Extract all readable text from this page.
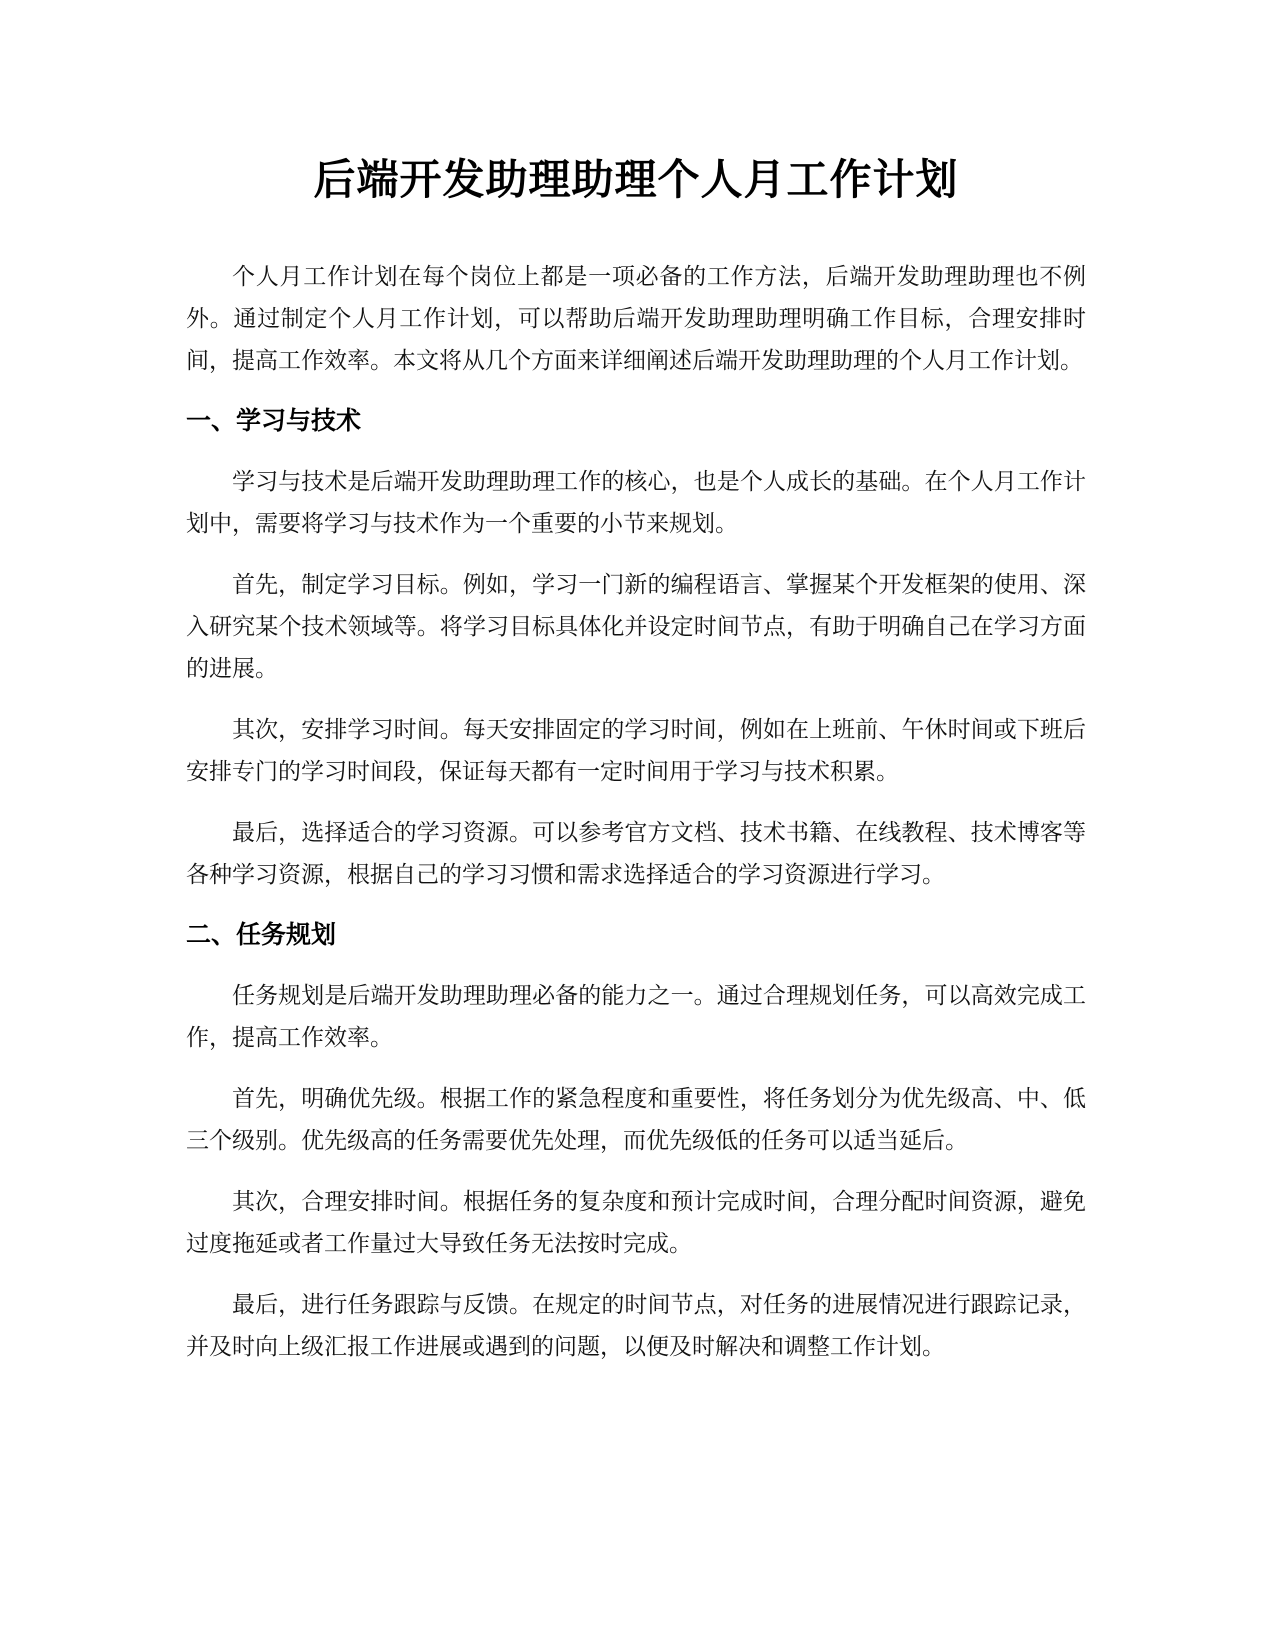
后端开发助理助理个人月工作计划

个人月工作计划在每个岗位上都是一项必备的工作方法，后端开发助理助理也不例外。通过制定个人月工作计划，可以帮助后端开发助理助理明确工作目标，合理安排时间，提高工作效率。本文将从几个方面来详细阐述后端开发助理助理的个人月工作计划。

一、学习与技术

学习与技术是后端开发助理助理工作的核心，也是个人成长的基础。在个人月工作计划中，需要将学习与技术作为一个重要的小节来规划。

首先，制定学习目标。例如，学习一门新的编程语言、掌握某个开发框架的使用、深入研究某个技术领域等。将学习目标具体化并设定时间节点，有助于明确自己在学习方面的进展。

其次，安排学习时间。每天安排固定的学习时间，例如在上班前、午休时间或下班后安排专门的学习时间段，保证每天都有一定时间用于学习与技术积累。

最后，选择适合的学习资源。可以参考官方文档、技术书籍、在线教程、技术博客等各种学习资源，根据自己的学习习惯和需求选择适合的学习资源进行学习。

二、任务规划

任务规划是后端开发助理助理必备的能力之一。通过合理规划任务，可以高效完成工作，提高工作效率。

首先，明确优先级。根据工作的紧急程度和重要性，将任务划分为优先级高、中、低三个级别。优先级高的任务需要优先处理，而优先级低的任务可以适当延后。

其次，合理安排时间。根据任务的复杂度和预计完成时间，合理分配时间资源，避免过度拖延或者工作量过大导致任务无法按时完成。

最后，进行任务跟踪与反馈。在规定的时间节点，对任务的进展情况进行跟踪记录，并及时向上级汇报工作进展或遇到的问题，以便及时解决和调整工作计划。
